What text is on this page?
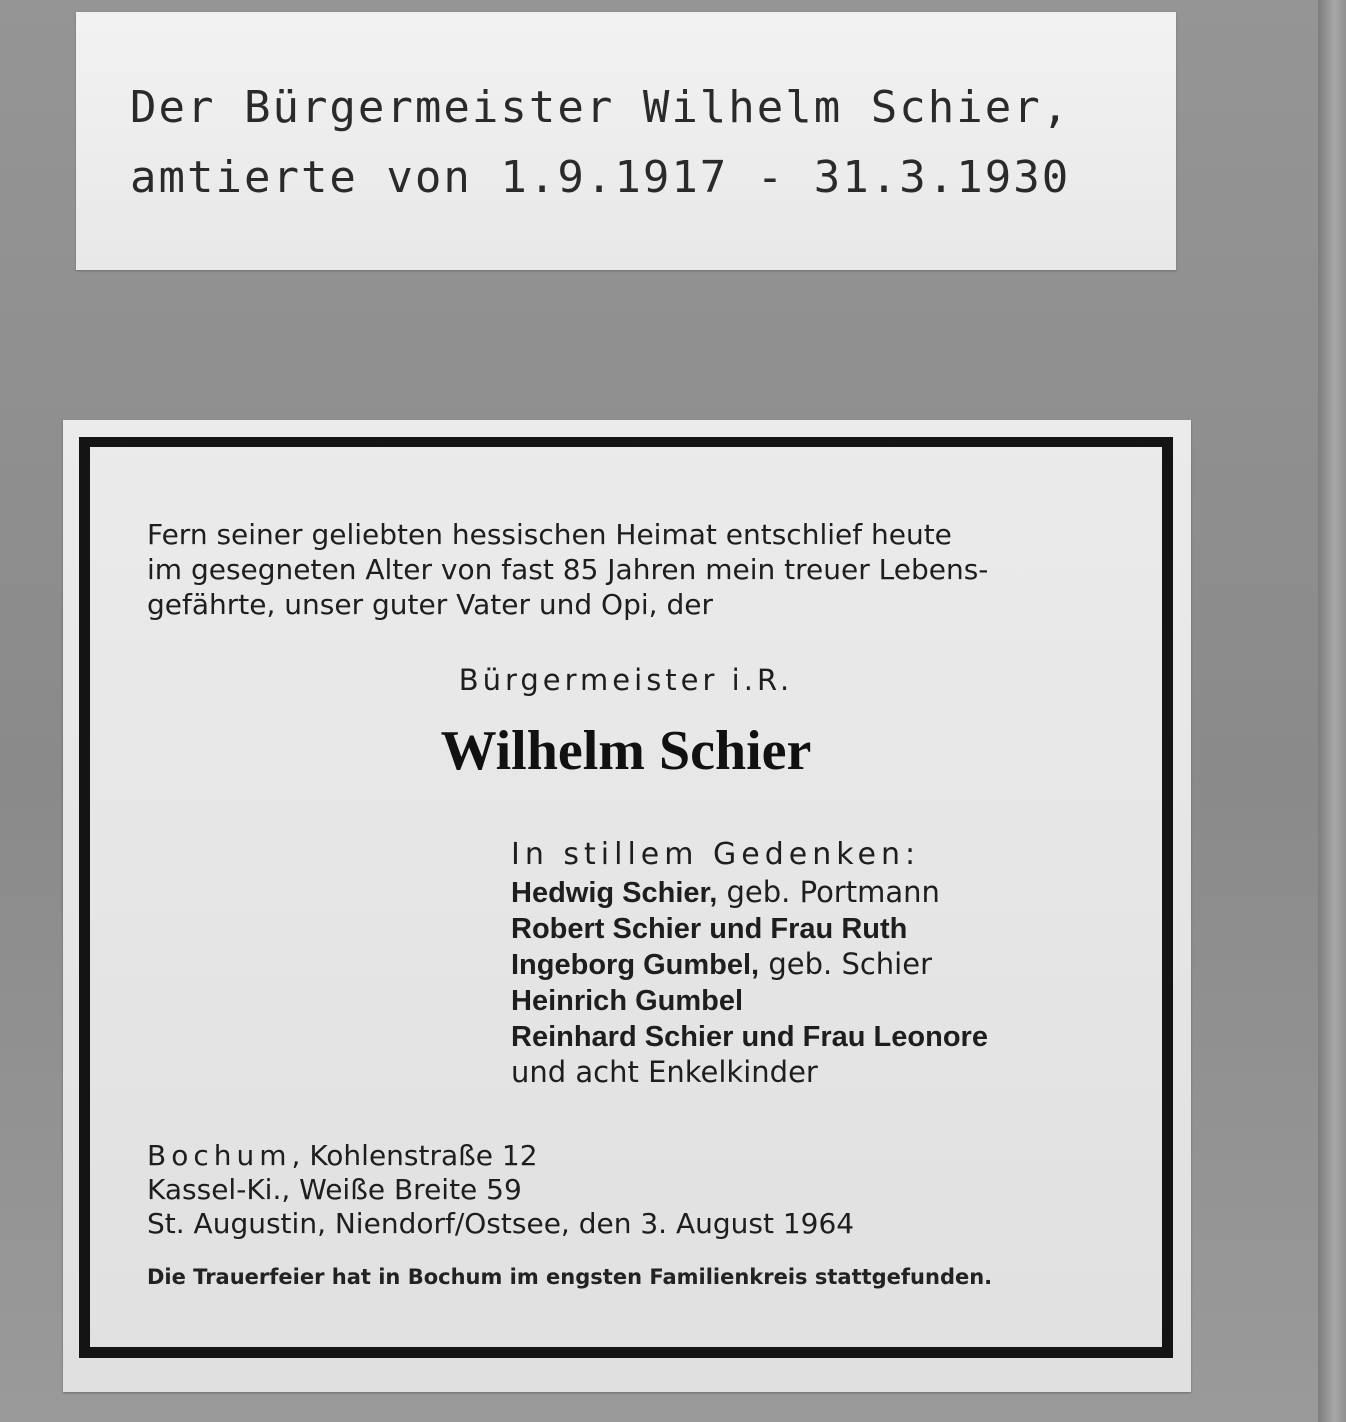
Der Bürgermeister Wilhelm Schier,
amtierte von 1.9.1917 - 31.3.1930
Fern seiner geliebten hessischen Heimat entschlief heute
im gesegneten Alter von fast 85 Jahren mein treuer Lebens-
gefährte, unser guter Vater und Opi, der
Bürgermeister i.R.
Wilhelm Schier
In stillem Gedenken:
Hedwig Schier, geb. Portmann
Robert Schier und Frau Ruth
Ingeborg Gumbel, geb. Schier
Heinrich Gumbel
Reinhard Schier und Frau Leonore
und acht Enkelkinder
Bochum, Kohlenstraße 12
Kassel-Ki., Weiße Breite 59
St. Augustin, Niendorf/Ostsee, den 3. August 1964
Die Trauerfeier hat in Bochum im engsten Familienkreis stattgefunden.
